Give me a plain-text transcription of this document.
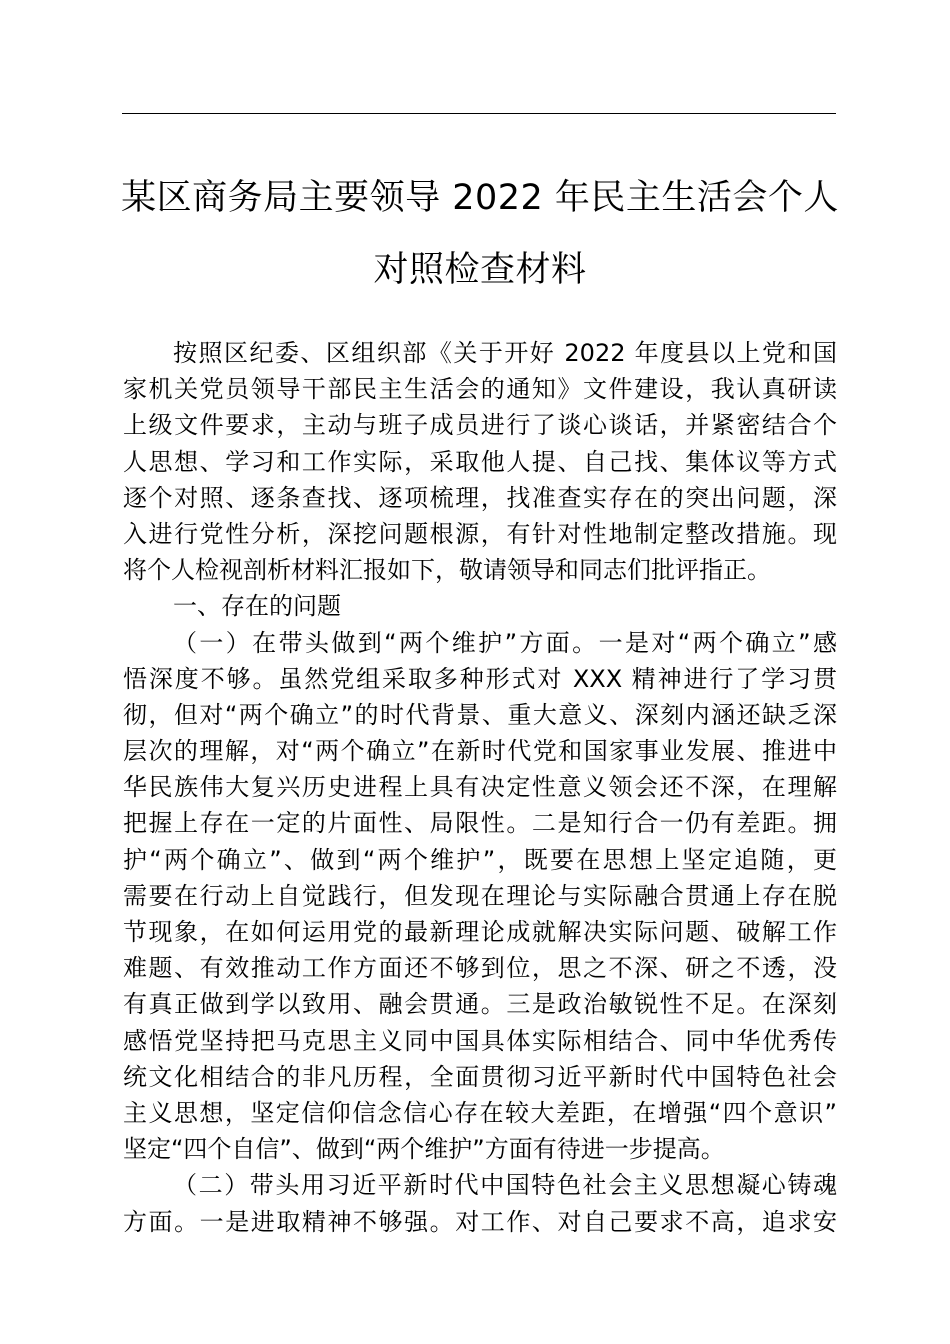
某区商务局主要领导 2022 年民主生活会个人
对照检查材料
按照区纪委、区组织部《关于开好 2022 年度县以上党和国
家机关党员领导干部民主生活会的通知》文件建设，我认真研读
上级文件要求，主动与班子成员进行了谈心谈话，并紧密结合个
人思想、学习和工作实际，采取他人提、自己找、集体议等方式
逐个对照、逐条查找、逐项梳理，找准查实存在的突出问题，深
入进行党性分析，深挖问题根源，有针对性地制定整改措施。现
将个人检视剖析材料汇报如下，敬请领导和同志们批评指正。
一、存在的问题
（一）在带头做到“两个维护”方面。一是对“两个确立”感
悟深度不够。虽然党组采取多种形式对 XXX 精神进行了学习贯
彻，但对“两个确立”的时代背景、重大意义、深刻内涵还缺乏深
层次的理解，对“两个确立”在新时代党和国家事业发展、推进中
华民族伟大复兴历史进程上具有决定性意义领会还不深，在理解
把握上存在一定的片面性、局限性。二是知行合一仍有差距。拥
护“两个确立”、做到“两个维护”，既要在思想上坚定追随，更
需要在行动上自觉践行，但发现在理论与实际融合贯通上存在脱
节现象，在如何运用党的最新理论成就解决实际问题、破解工作
难题、有效推动工作方面还不够到位，思之不深、研之不透，没
有真正做到学以致用、融会贯通。三是政治敏锐性不足。在深刻
感悟党坚持把马克思主义同中国具体实际相结合、同中华优秀传
统文化相结合的非凡历程，全面贯彻习近平新时代中国特色社会
主义思想，坚定信仰信念信心存在较大差距，在增强“四个意识”
坚定“四个自信”、做到“两个维护”方面有待进一步提高。
（二）带头用习近平新时代中国特色社会主义思想凝心铸魂
方面。一是进取精神不够强。对工作、对自己要求不高，追求安
